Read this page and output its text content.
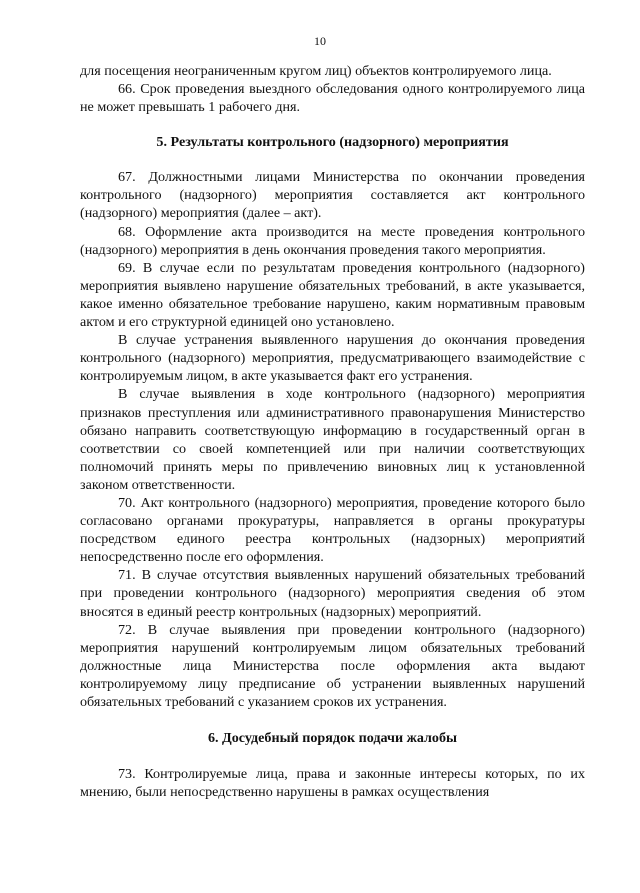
10

для посещения неограниченным кругом лиц) объектов контролируемого лица.

66. Срок проведения выездного обследования одного контролируемого лица не может превышать 1 рабочего дня.

5. Результаты контрольного (надзорного) мероприятия

67. Должностными лицами Министерства по окончании проведения контрольного (надзорного) мероприятия составляется акт контрольного (надзорного) мероприятия (далее – акт).

68. Оформление акта производится на месте проведения контрольного (надзорного) мероприятия в день окончания проведения такого мероприятия.

69. В случае если по результатам проведения контрольного (надзорного) мероприятия выявлено нарушение обязательных требований, в акте указывается, какое именно обязательное требование нарушено, каким нормативным правовым актом и его структурной единицей оно установлено.

В случае устранения выявленного нарушения до окончания проведения контрольного (надзорного) мероприятия, предусматривающего взаимодействие с контролируемым лицом, в акте указывается факт его устранения.

В случае выявления в ходе контрольного (надзорного) мероприятия признаков преступления или административного правонарушения Министерство обязано направить соответствующую информацию в государственный орган в соответствии со своей компетенцией или при наличии соответствующих полномочий принять меры по привлечению виновных лиц к установленной законом ответственности.

70. Акт контрольного (надзорного) мероприятия, проведение которого было согласовано органами прокуратуры, направляется в органы прокуратуры посредством единого реестра контрольных (надзорных) мероприятий непосредственно после его оформления.

71. В случае отсутствия выявленных нарушений обязательных требований при проведении контрольного (надзорного) мероприятия сведения об этом вносятся в единый реестр контрольных (надзорных) мероприятий.

72. В случае выявления при проведении контрольного (надзорного) мероприятия нарушений контролируемым лицом обязательных требований должностные лица Министерства после оформления акта выдают контролируемому лицу предписание об устранении выявленных нарушений обязательных требований с указанием сроков их устранения.

6. Досудебный порядок подачи жалобы

73. Контролируемые лица, права и законные интересы которых, по их мнению, были непосредственно нарушены в рамках осуществления
